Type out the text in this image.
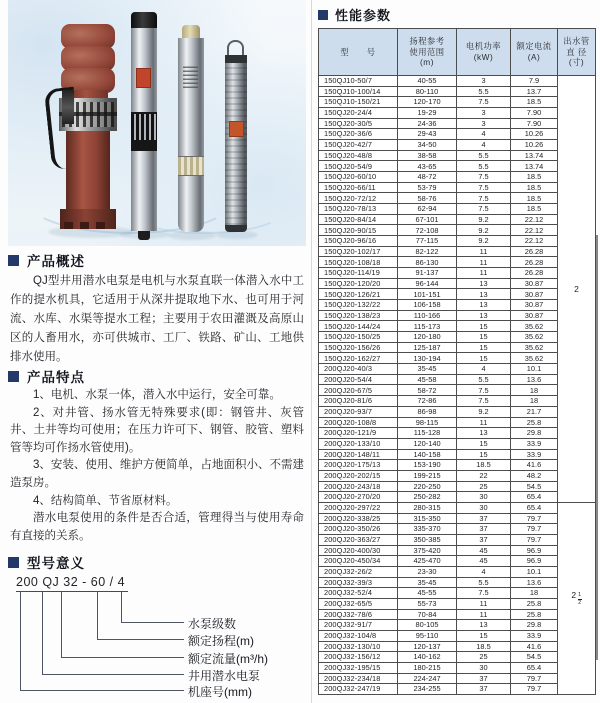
产品概述

QJ型井用潜水电泵是电机与水泵直联一体潜入水中工作的提水机具，它适用于从深井提取地下水、也可用于河流、水库、水渠等提水工程；主要用于农田灌溉及高原山区的人畜用水，亦可供城市、工厂、铁路、矿山、工地供排水使用。

产品特点

1、电机、水泵一体，潜入水中运行，安全可靠。

2、对井管、扬水管无特殊要求(即：钢管井、灰管井、土井等均可使用；在压力许可下、钢管、胶管、塑料管等均可作扬水管使用)。

3、安装、使用、维护方便简单，占地面积小、不需建造泵房。

4、结构简单、节省原材料。

潜水电泵使用的条件是否合适，管理得当与使用寿命有直接的关系。

型号意义
200 QJ 32 - 60 / 4
水泵级数
额定扬程(m)
额定流量(m³/h)
井用潜水电泵
机座号(mm)
性能参数
型　　号

扬程参考
使用范围
(m)

电机功率
(kW)

额定电流
(A)

出水管
直 径
(寸)

150QJ10-50/7	40-55	3	7.9	2
150QJ10-100/14	80-110	5.5	13.7	
150QJ10-150/21	120-170	7.5	18.5	
150QJ20-24/4	19-29	3	7.90	
150QJ20-30/5	24-36	3	7.90	
150QJ20-36/6	29-43	4	10.26	
150QJ20-42/7	34-50	4	10.26	
150QJ20-48/8	38-58	5.5	13.74	
150QJ20-54/9	43-65	5.5	13.74	
150QJ20-60/10	48-72	7.5	18.5	
150QJ20-66/11	53-79	7.5	18.5	
150QJ20-72/12	58-76	7.5	18.5	
150QJ20-78/13	62-94	7.5	18.5	
150QJ20-84/14	67-101	9.2	22.12	
150QJ20-90/15	72-108	9.2	22.12	
150QJ20-96/16	77-115	9.2	22.12	
150QJ20-102/17	82-122	11	26.28	
150QJ20-108/18	86-130	11	26.28	
150QJ20-114/19	91-137	11	26.28	
150QJ20-120/20	96-144	13	30.87	
150QJ20-126/21	101-151	13	30.87	
150QJ20-132/22	106-158	13	30.87	
150QJ20-138/23	110-166	13	30.87	
150QJ20-144/24	115-173	15	35.62	
150QJ20-150/25	120-180	15	35.62	
150QJ20-156/26	125-187	15	35.62	
150QJ20-162/27	130-194	15	35.62	
200QJ20-40/3	35-45	4	10.1	
200QJ20-54/4	45-58	5.5	13.6	
200QJ20-67/5	58-72	7.5	18	
200QJ20-81/6	72-86	7.5	18	
200QJ20-93/7	86-98	9.2	21.7	
200QJ20-108/8	98-115	11	25.8	
200QJ20-121/9	115-128	13	29.8	
200QJ20-133/10	120-140	15	33.9	
200QJ20-148/11	140-158	15	33.9	
200QJ20-175/13	153-190	18.5	41.6	
200QJ20-202/15	199-215	22	48.2	
200QJ20-243/18	220-250	25	54.5	
200QJ20-270/20	250-282	30	65.4	
200QJ20-297/22	280-315	30	65.4	$2 \frac{1}{2}$

200QJ20-338/25	315-350	37	79.7	
200QJ20-350/26	335-370	37	79.7	
200QJ20-363/27	350-385	37	79.7	
200QJ20-400/30	375-420	45	96.9	
200QJ20-450/34	425-470	45	96.9	
200QJ32-26/2	23-30	4	10.1	
200QJ32-39/3	35-45	5.5	13.6	
200QJ32-52/4	45-55	7.5	18	
200QJ32-65/5	55-73	11	25.8	
200QJ32-78/6	70-84	11	25.8	
200QJ32-91/7	80-105	13	29.8	
200QJ32-104/8	95-110	15	33.9	
200QJ32-130/10	120-137	18.5	41.6	
200QJ32-156/12	140-162	25	54.5	
200QJ32-195/15	180-215	30	65.4	
200QJ32-234/18	224-247	37	79.7	
200QJ32-247/19	234-255	37	79.7	
